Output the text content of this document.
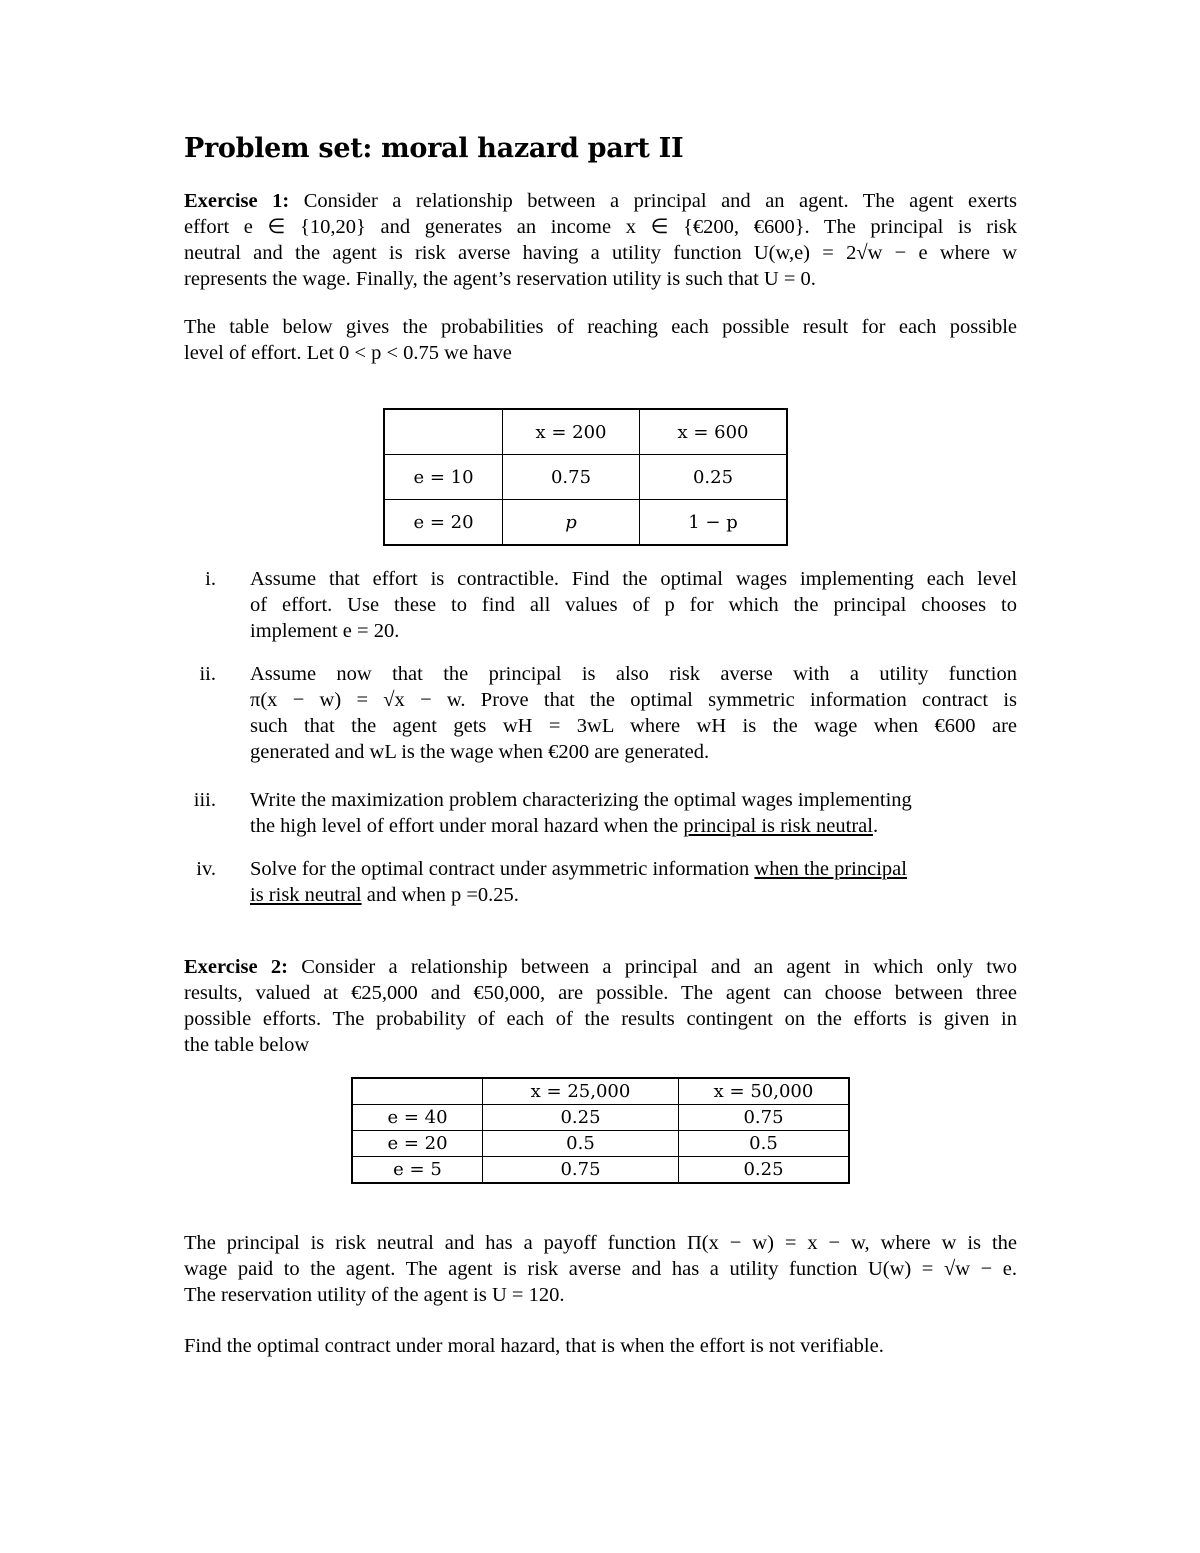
Problem set: moral hazard part II
Exercise 1: Consider a relationship between a principal and an agent. The agent exerts
effort e ∈ {10,20} and generates an income x ∈ {€200, €600}. The principal is risk
neutral and the agent is risk averse having a utility function U(w,e) = 2√w − e where w
represents the wage. Finally, the agent’s reservation utility is such that U = 0.
The table below gives the probabilities of reaching each possible result for each possible
level of effort. Let 0 < p < 0.75 we have
	x = 200	x = 600
e = 10	0.75	0.25
e = 20	p	1 − p
i. Assume that effort is contractible. Find the optimal wages implementing each level
of effort. Use these to find all values of p for which the principal chooses to
implement e = 20.
ii. Assume now that the principal is also risk averse with a utility function
π(x − w) = √x − w. Prove that the optimal symmetric information contract is
such that the agent gets wH = 3wL where wH is the wage when €600 are
generated and wL is the wage when €200 are generated.
iii. Write the maximization problem characterizing the optimal wages implementing
the high level of effort under moral hazard when the principal is risk neutral.
iv. Solve for the optimal contract under asymmetric information when the principal
is risk neutral and when p =0.25.
Exercise 2: Consider a relationship between a principal and an agent in which only two
results, valued at €25,000 and €50,000, are possible. The agent can choose between three
possible efforts. The probability of each of the results contingent on the efforts is given in
the table below
	x = 25,000	x = 50,000
e = 40	0.25	0.75
e = 20	0.5	0.5
e = 5	0.75	0.25
The principal is risk neutral and has a payoff function Π(x − w) = x − w, where w is the
wage paid to the agent. The agent is risk averse and has a utility function U(w) = √w − e.
The reservation utility of the agent is U = 120.
Find the optimal contract under moral hazard, that is when the effort is not verifiable.
